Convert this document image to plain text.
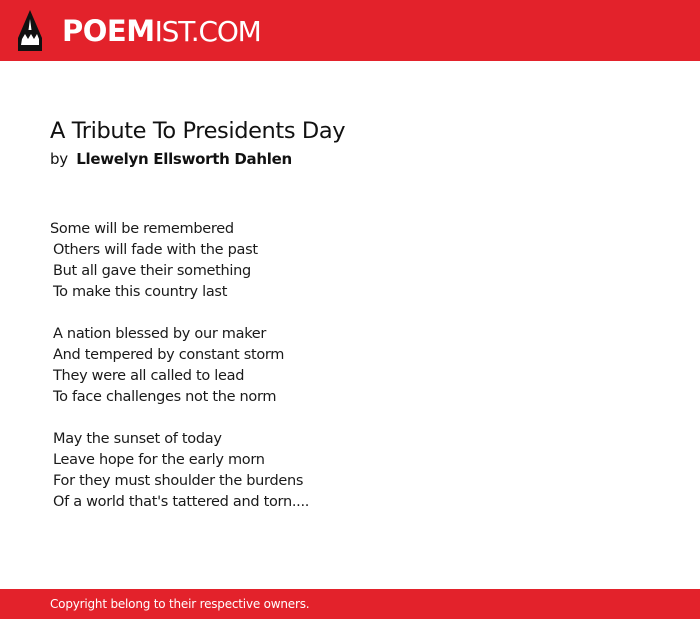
POEMIST.COM
A Tribute To Presidents Day
by Llewelyn Ellsworth Dahlen
Some will be remembered
Others will fade with the past
But all gave their something
To make this country last
A nation blessed by our maker
And tempered by constant storm
They were all called to lead
To face challenges not the norm
May the sunset of today
Leave hope for the early morn
For they must shoulder the burdens
Of a world that's tattered and torn....
Copyright belong to their respective owners.
